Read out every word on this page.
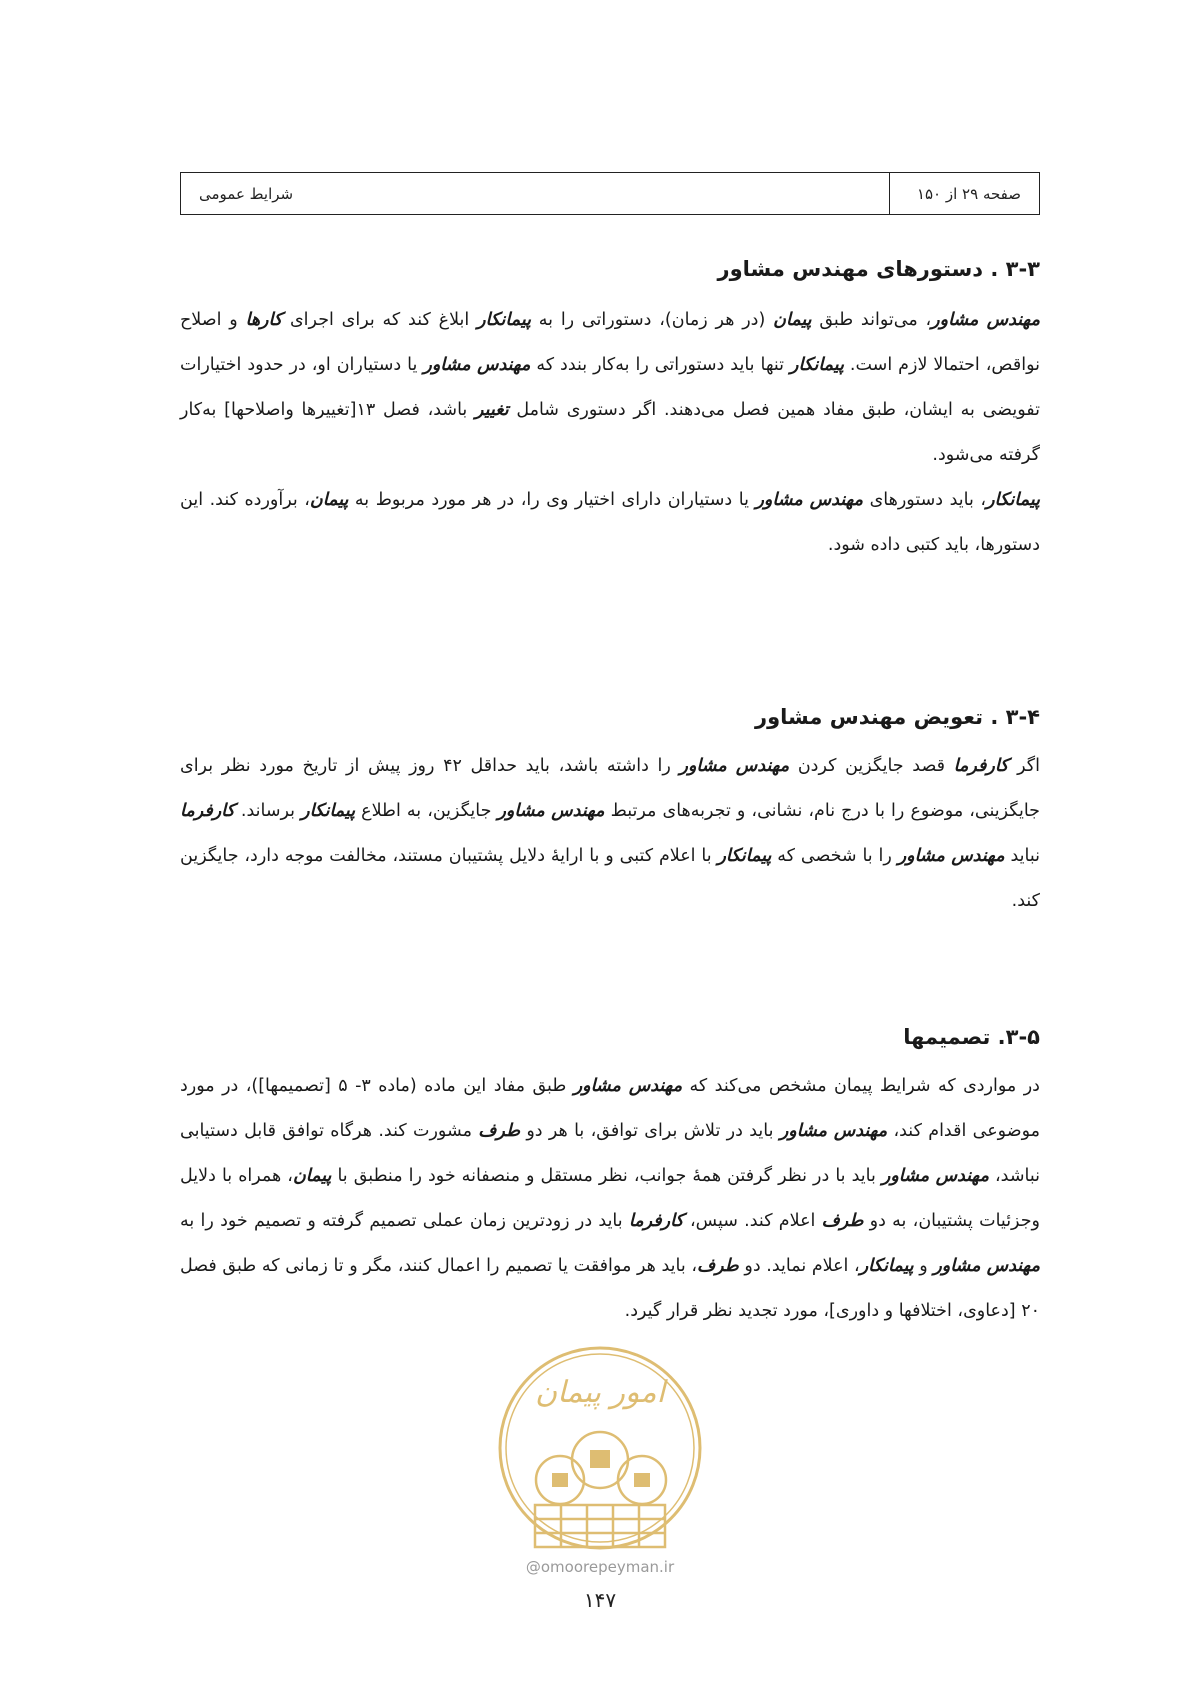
صفحه ۲۹ از ۱۵۰
شرایط عمومی
۳-۳ . دستورهای مهندس مشاور

مهندس مشاور، می‌تواند طبق پیمان (در هر زمان)، دستوراتی را به پیمانکار ابلاغ کند که برای اجرای کارها و اصلاح نواقص، احتمالا لازم است. پیمانکار تنها باید دستوراتی را به‌کار بندد که مهندس مشاور یا دستیاران او، در حدود اختیارات تفویضی به ایشان، طبق مفاد همین فصل می‌دهند. اگر دستوری شامل تغییر باشد، فصل ۱۳[تغییرها واصلاحها] به‌کار گرفته می‌شود.

پیمانکار، باید دستورهای مهندس مشاور یا دستیاران دارای اختیار وی را، در هر مورد مربوط به پیمان، برآورده کند. این دستورها، باید کتبی داده شود.

۳-۴ . تعویض مهندس مشاور

اگر کارفرما قصد جایگزین کردن مهندس مشاور را داشته باشد، باید حداقل ۴۲ روز پیش از تاریخ مورد نظر برای جایگزینی، موضوع را با درج نام، نشانی، و تجربه‌های مرتبط مهندس مشاور جایگزین، به اطلاع پیمانکار برساند. کارفرما نباید مهندس مشاور را با شخصی که پیمانکار با اعلام کتبی و با ارایۀ دلایل پشتیبان مستند، مخالفت موجه دارد، جایگزین کند.

۳-۵. تصمیمها

در مواردی که شرایط پیمان مشخص می‌کند که مهندس مشاور طبق مفاد این ماده (ماده ۳- ۵ [تصمیمها])، در مورد موضوعی اقدام کند، مهندس مشاور باید در تلاش برای توافق، با هر دو طرف مشورت کند. هرگاه توافق قابل دستیابی نباشد، مهندس مشاور باید با در نظر گرفتن همۀ جوانب، نظر مستقل و منصفانه خود را منطبق با پیمان، همراه با دلایل وجزئیات پشتیبان، به دو طرف اعلام کند. سپس، کارفرما باید در زودترین زمان عملی تصمیم گرفته و تصمیم خود را به مهندس مشاور و پیمانکار، اعلام نماید. دو طرف، باید هر موافقت یا تصمیم را اعمال کنند، مگر و تا زمانی که طبق فصل ۲۰ [دعاوی، اختلافها و داوری]، مورد تجدید نظر قرار گیرد.

امور پیمان
@omoorepeyman.ir
۱۴۷
